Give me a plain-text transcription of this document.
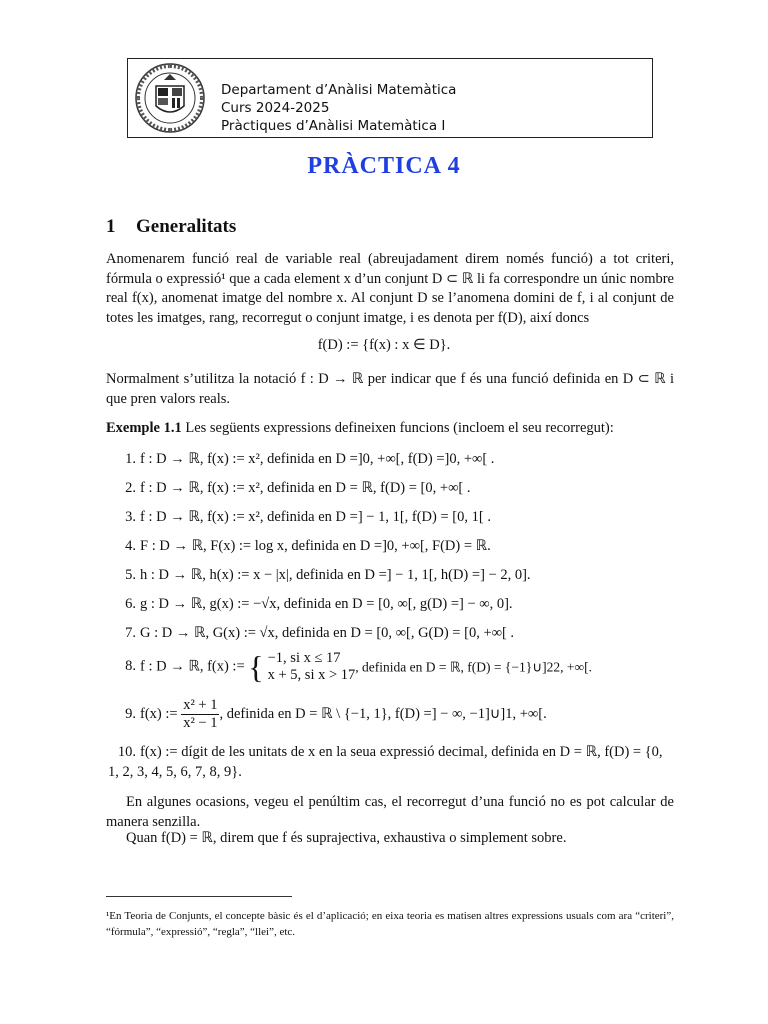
Departament d’Anàlisi Matemàtica
Curs 2024-2025
Pràctiques d’Anàlisi Matemàtica I
PRÀCTICA 4
1 Generalitats
Anomenarem funció real de variable real (abreujadament direm només funció) a tot criteri, fórmula o expressió¹ que a cada element x d’un conjunt D ⊂ ℝ li fa correspondre un únic nombre real f(x), anomenat imatge del nombre x. Al conjunt D se l’anomena domini de f, i al conjunt de totes les imatges, rang, recorregut o conjunt imatge, i es denota per f(D), així doncs
f(D) := {f(x) : x ∈ D}.
Normalment s’utilitza la notació f : D → ℝ per indicar que f és una funció definida en D ⊂ ℝ i que pren valors reals.
Exemple 1.1 Les següents expressions defineixen funcions (incloem el seu recorregut):
1. f : D → ℝ, f(x) := x², definida en D =]0, +∞[, f(D) =]0, +∞[ .
2. f : D → ℝ, f(x) := x², definida en D = ℝ, f(D) = [0, +∞[ .
3. f : D → ℝ, f(x) := x², definida en D =] − 1, 1[, f(D) = [0, 1[ .
4. F : D → ℝ, F(x) := log x, definida en D =]0, +∞[, F(D) = ℝ.
5. h : D → ℝ, h(x) := x − |x|, definida en D =] − 1, 1[, h(D) =] − 2, 0].
6. g : D → ℝ, g(x) := −√x, definida en D = [0, ∞[, g(D) =] − ∞, 0].
7. G : D → ℝ, G(x) := √x, definida en D = [0, ∞[, G(D) = [0, +∞[ .
8. f : D → ℝ, f(x) := { −1, si x ≤ 17
x + 5, si x > 17
, definida en D = ℝ, f(D) = {−1}∪]22, +∞[.
9. f(x) := $\frac{\text{x² + 1}}{\text{x² − 1}}$ , definida en D = ℝ \ {−1, 1}, f(D) =] − ∞, −1]∪]1, +∞[.
10. f(x) := dígit de les unitats de x en la seua expressió decimal, definida en D = ℝ, f(D) = {0, 1, 2, 3, 4, 5, 6, 7, 8, 9}.
En algunes ocasions, vegeu el penúltim cas, el recorregut d’una funció no es pot calcular de manera senzilla.
Quan f(D) = ℝ, direm que f és suprajectiva, exhaustiva o simplement sobre.
¹En Teoria de Conjunts, el concepte bàsic és el d’aplicació; en eixa teoria es matisen altres expressions usuals com ara “criteri”, “fórmula”, “expressió”, “regla”, “llei”, etc.
